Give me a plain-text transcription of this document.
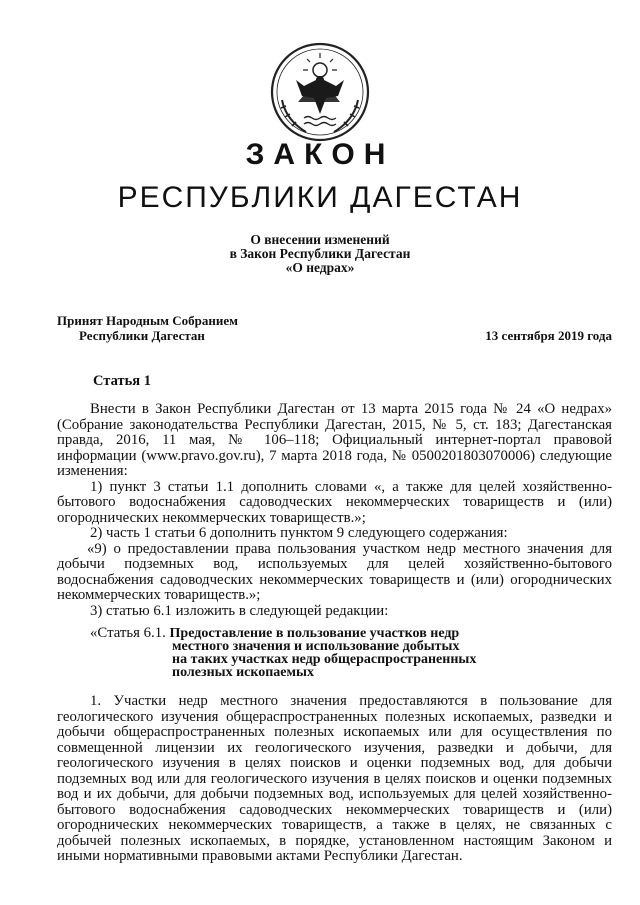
ЗАКОН
РЕСПУБЛИКИ ДАГЕСТАН
О внесении изменений
в Закон Республики Дагестан
«О недрах»
Принят Народным Собранием
Республики Дагестан	13 сентября 2019 года
Статья 1
Внести в Закон Республики Дагестан от 13 марта 2015 года № 24 «О недрах» (Собрание законодательства Республики Дагестан, 2015, № 5, ст. 183; Дагестанская правда, 2016, 11 мая, № 106–118; Официальный интернет-портал правовой информации (www.pravo.gov.ru), 7 марта 2018 года, № 0500201803070006) следующие изменения:
1) пункт 3 статьи 1.1 дополнить словами «, а также для целей хозяйственно-бытового водоснабжения садоводческих некоммерческих товариществ и (или) огороднических некоммерческих товариществ.»;
2) часть 1 статьи 6 дополнить пунктом 9 следующего содержания:
«9) о предоставлении права пользования участком недр местного значения для добычи подземных вод, используемых для целей хозяйственно-бытового водоснабжения садоводческих некоммерческих товариществ и (или) огороднических некоммерческих товариществ.»;
3) статью 6.1 изложить в следующей редакции:
«Статья 6.1. Предоставление в пользование участков недр
местного значения и использование добытых
на таких участках недр общераспространенных
полезных ископаемых
1. Участки недр местного значения предоставляются в пользование для геологического изучения общераспространенных полезных ископаемых, разведки и добычи общераспространенных полезных ископаемых или для осуществления по совмещенной лицензии их геологического изучения, разведки и добычи, для геологического изучения в целях поисков и оценки подземных вод, для добычи подземных вод или для геологического изучения в целях поисков и оценки подземных вод и их добычи, для добычи подземных вод, используемых для целей хозяйственно-бытового водоснабжения садоводческих некоммерческих товариществ и (или) огороднических некоммерческих товариществ, а также в целях, не связанных с добычей полезных ископаемых, в порядке, установленном настоящим Законом и иными нормативными правовыми актами Республики Дагестан.
